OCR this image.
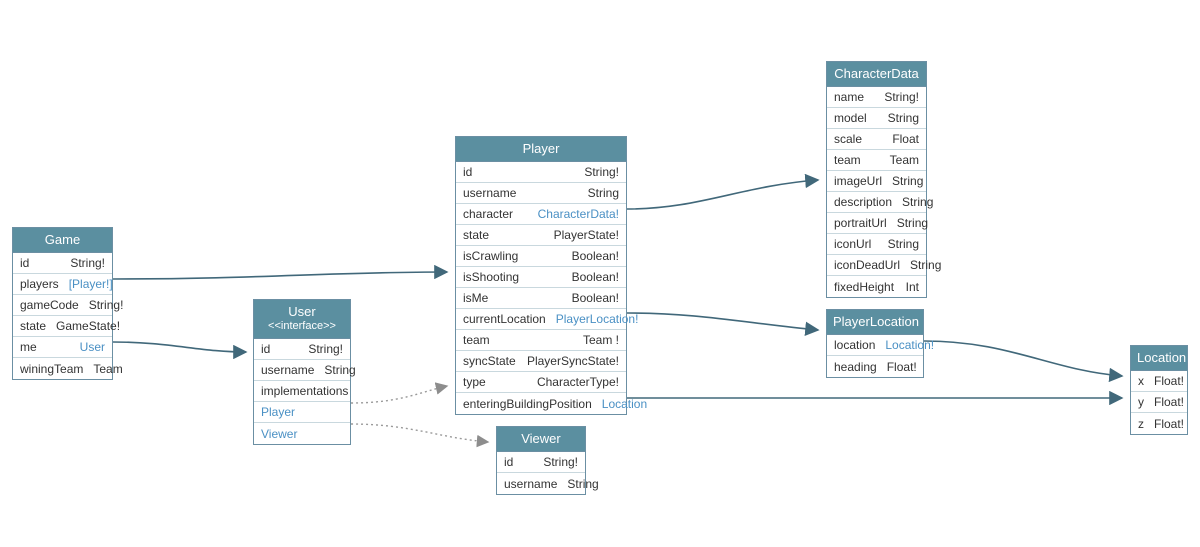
Game
id	String!
players [Player!]
gameCode String!
state GameState!
me	User
winingTeam Team
User
<<interface>>
id	String!
username String
implementations
Player
Viewer
Player
id	String!
username	String
character	CharacterData!
state	PlayerState!
isCrawling	Boolean!
isShooting	Boolean!
isMe	Boolean!
currentLocation PlayerLocation!
team	Team !
syncState PlayerSyncState!
type	CharacterType!
enteringBuildingPosition Location
Viewer
id	String!
username String
CharacterData
name	String!
model	String
scale	Float
team	Team
imageUrl String
description String
portraitUrl String
iconUrl	String
iconDeadUrl String
fixedHeight Int
PlayerLocation
location Location!
heading Float!
Location
x Float!
y Float!
z Float!
